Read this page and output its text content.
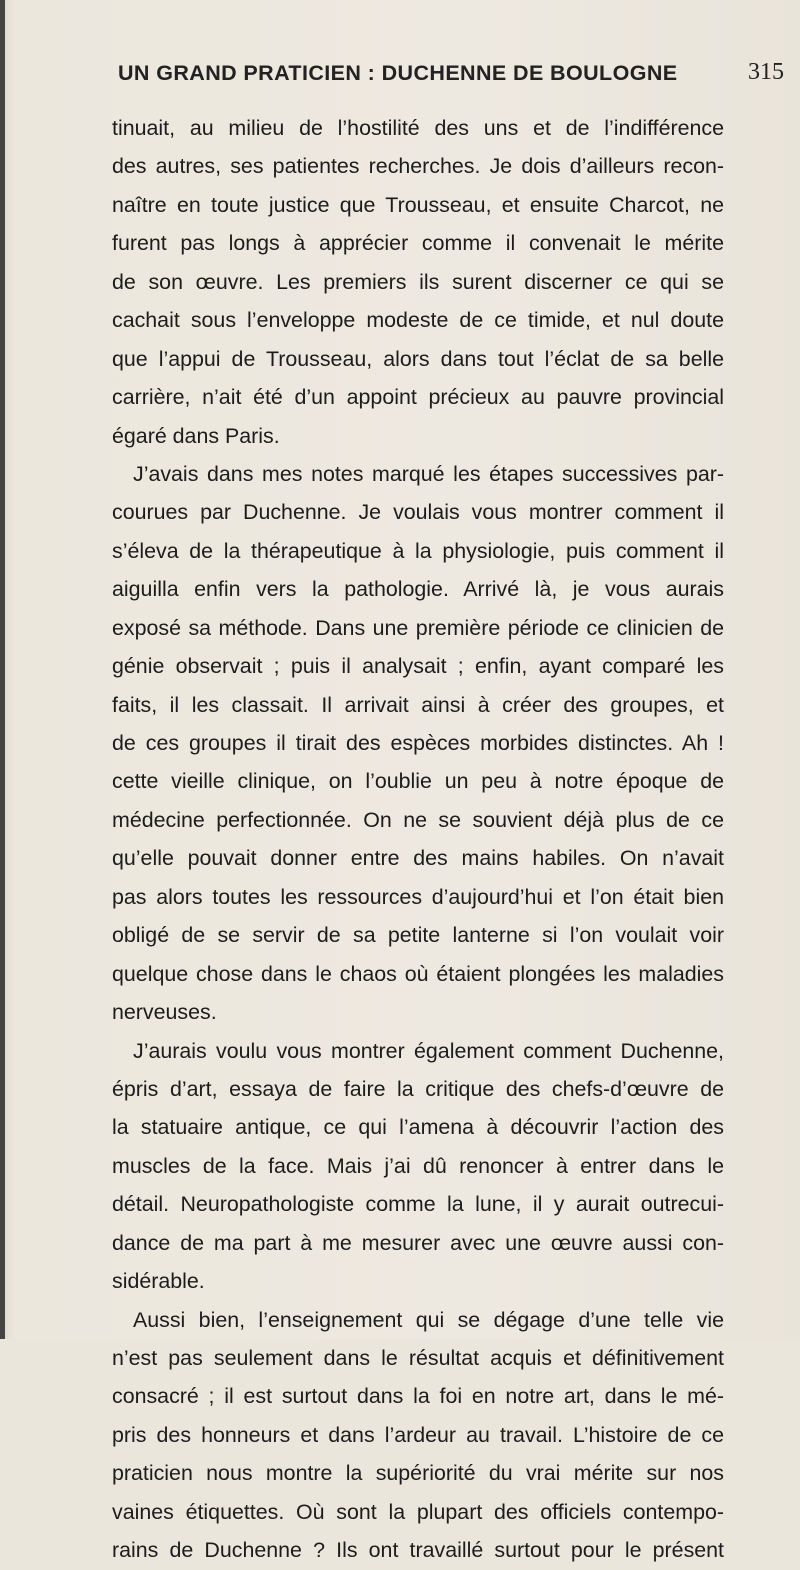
UN GRAND PRATICIEN : DUCHENNE DE BOULOGNE	315
tinuait, au milieu de l’hostilité des uns et de l’indifférence
des autres, ses patientes recherches. Je dois d’ailleurs recon-
naître en toute justice que Trousseau, et ensuite Charcot, ne
furent pas longs à apprécier comme il convenait le mérite
de son œuvre. Les premiers ils surent discerner ce qui se
cachait sous l’enveloppe modeste de ce timide, et nul doute
que l’appui de Trousseau, alors dans tout l’éclat de sa belle
carrière, n’ait été d’un appoint précieux au pauvre provincial
égaré dans Paris.
J’avais dans mes notes marqué les étapes successives par-
courues par Duchenne. Je voulais vous montrer comment il
s’éleva de la thérapeutique à la physiologie, puis comment il
aiguilla enfin vers la pathologie. Arrivé là, je vous aurais
exposé sa méthode. Dans une première période ce clinicien de
génie observait ; puis il analysait ; enfin, ayant comparé les
faits, il les classait. Il arrivait ainsi à créer des groupes, et
de ces groupes il tirait des espèces morbides distinctes. Ah !
cette vieille clinique, on l’oublie un peu à notre époque de
médecine perfectionnée. On ne se souvient déjà plus de ce
qu’elle pouvait donner entre des mains habiles. On n’avait
pas alors toutes les ressources d’aujourd’hui et l’on était bien
obligé de se servir de sa petite lanterne si l’on voulait voir
quelque chose dans le chaos où étaient plongées les maladies
nerveuses.
J’aurais voulu vous montrer également comment Duchenne,
épris d’art, essaya de faire la critique des chefs-d’œuvre de
la statuaire antique, ce qui l’amena à découvrir l’action des
muscles de la face. Mais j’ai dû renoncer à entrer dans le
détail. Neuropathologiste comme la lune, il y aurait outrecui-
dance de ma part à me mesurer avec une œuvre aussi con-
sidérable.
Aussi bien, l’enseignement qui se dégage d’une telle vie
n’est pas seulement dans le résultat acquis et définitivement
consacré ; il est surtout dans la foi en notre art, dans le mé-
pris des honneurs et dans l’ardeur au travail. L’histoire de ce
praticien nous montre la supériorité du vrai mérite sur nos
vaines étiquettes. Où sont la plupart des officiels contempo-
rains de Duchenne ? Ils ont travaillé surtout pour le présent
